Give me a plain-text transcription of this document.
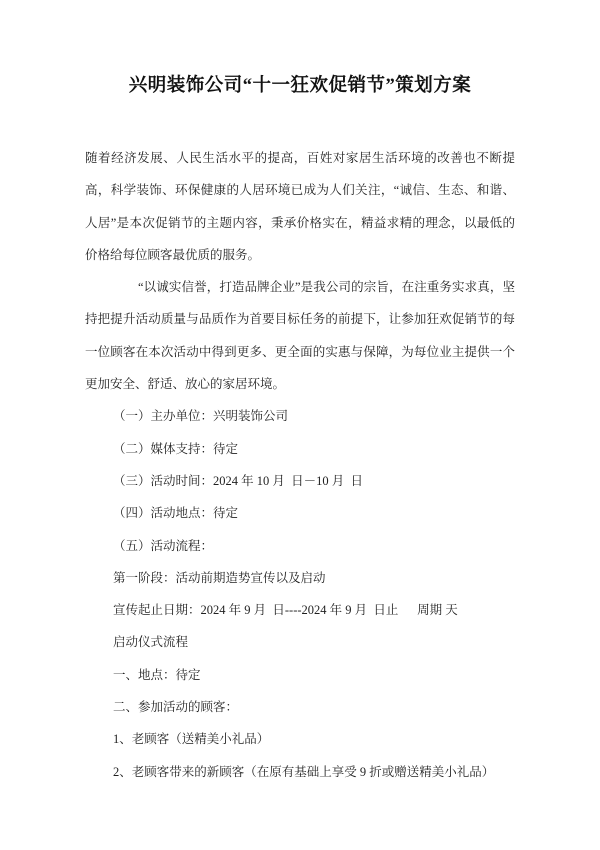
兴明装饰公司“十一狂欢促销节”策划方案

随着经济发展、人民生活水平的提高，百姓对家居生活环境的改善也不断提高，科学装饰、环保健康的人居环境已成为人们关注，“诚信、生态、和谐、人居”是本次促销节的主题内容，秉承价格实在，精益求精的理念，以最低的价格给每位顾客最优质的服务。

“以诚实信誉，打造品牌企业”是我公司的宗旨，在注重务实求真，坚持把提升活动质量与品质作为首要目标任务的前提下，让参加狂欢促销节的每一位顾客在本次活动中得到更多、更全面的实惠与保障，为每位业主提供一个更加安全、舒适、放心的家居环境。

（一）主办单位：兴明装饰公司
（二）媒体支持：待定
（三）活动时间：2024 年 10 月  日－10 月  日
（四）活动地点：待定
（五）活动流程：
第一阶段：活动前期造势宣传以及启动
宣传起止日期：2024 年 9 月  日----2024 年 9 月  日止      周期 天
启动仪式流程
一、地点：待定
二、参加活动的顾客：
1、老顾客（送精美小礼品）
2、老顾客带来的新顾客（在原有基础上享受 9 折或赠送精美小礼品）
